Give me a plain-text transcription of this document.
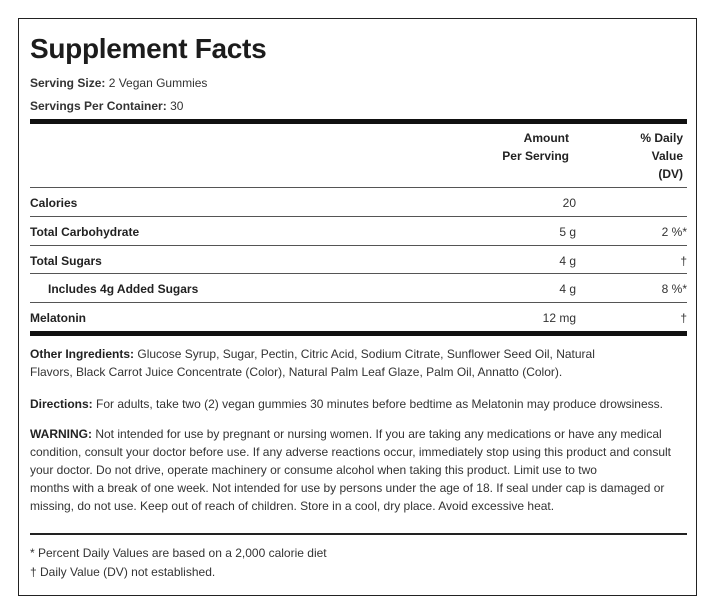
Supplement Facts
Serving Size: 2 Vegan Gummies
Servings Per Container: 30
Amount
Per Serving
% Daily
Value
(DV)
Calories	20
Total Carbohydrate	5 g	2 %*
Total Sugars	4 g	†
Includes 4g Added Sugars	4 g	8 %*
Melatonin	12 mg	†
Other Ingredients: Glucose Syrup, Sugar, Pectin, Citric Acid, Sodium Citrate, Sunflower Seed Oil, Natural
Flavors, Black Carrot Juice Concentrate (Color), Natural Palm Leaf Glaze, Palm Oil, Annatto (Color).
Directions: For adults, take two (2) vegan gummies 30 minutes before bedtime as Melatonin may produce drowsiness.
WARNING: Not intended for use by pregnant or nursing women. If you are taking any medications or have any medical
condition, consult your doctor before use. If any adverse reactions occur, immediately stop using this product and consult
your doctor. Do not drive, operate machinery or consume alcohol when taking this product. Limit use to two
months with a break of one week. Not intended for use by persons under the age of 18. If seal under cap is damaged or
missing, do not use. Keep out of reach of children. Store in a cool, dry place. Avoid excessive heat.
* Percent Daily Values are based on a 2,000 calorie diet
† Daily Value (DV) not established.
